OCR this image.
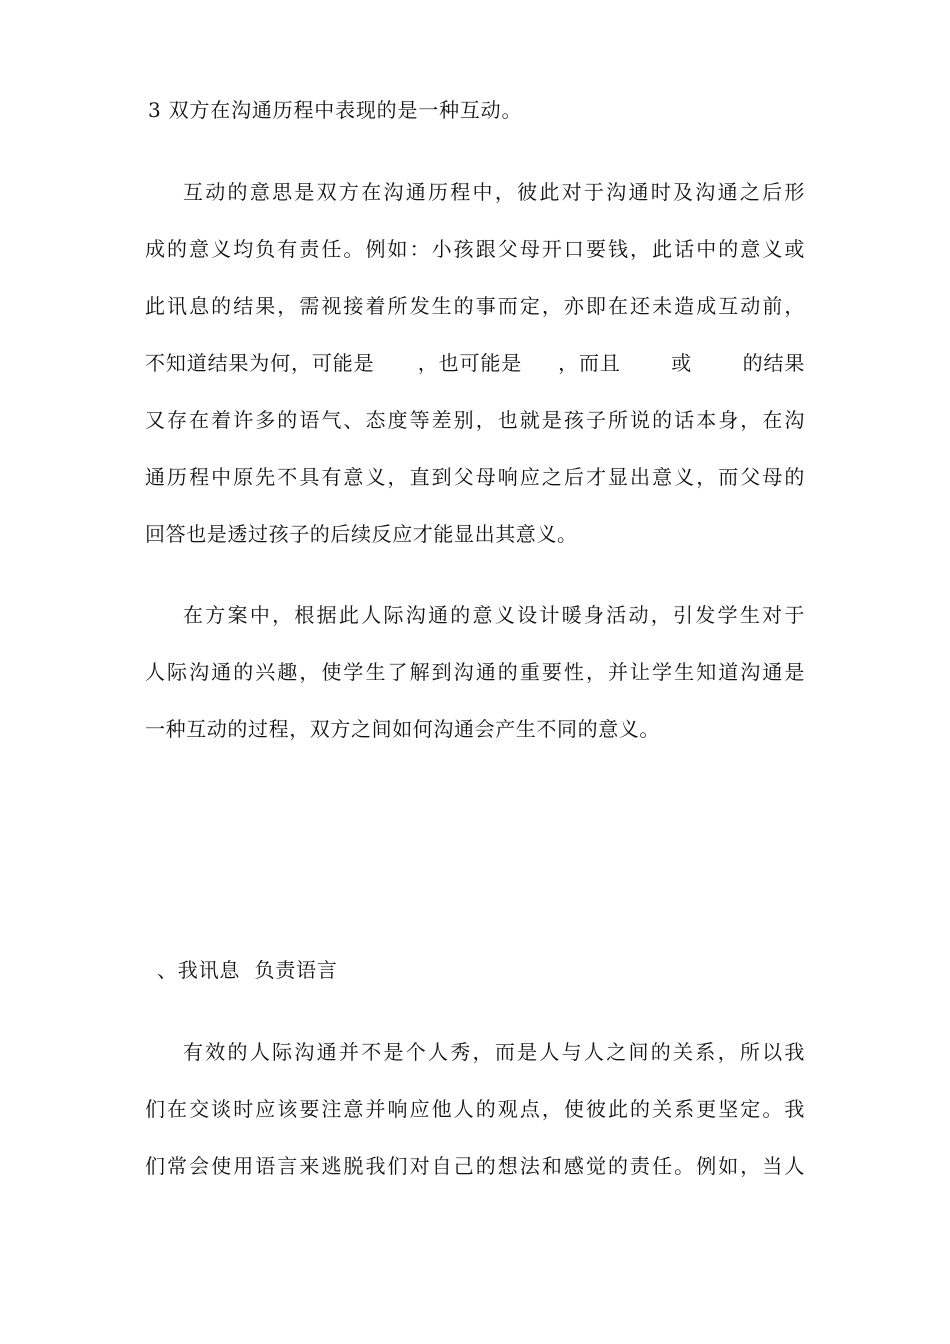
3 双方在沟通历程中表现的是一种互动。
互动的意思是双方在沟通历程中，彼此对于沟通时及沟通之后形
成的意义均负有责任。例如：小孩跟父母开口要钱，此话中的意义或
此讯息的结果，需视接着所发生的事而定，亦即在还未造成互动前，
不知道结果为何，可能是      ，也可能是     ，而且       或       的结果
又存在着许多的语气、态度等差别，也就是孩子所说的话本身，在沟
通历程中原先不具有意义，直到父母响应之后才显出意义，而父母的
回答也是透过孩子的后续反应才能显出其意义。
在方案中，根据此人际沟通的意义设计暖身活动，引发学生对于
人际沟通的兴趣，使学生了解到沟通的重要性，并让学生知道沟通是
一种互动的过程，双方之间如何沟通会产生不同的意义。
、我讯息  负责语言
有效的人际沟通并不是个人秀，而是人与人之间的关系，所以我
们在交谈时应该要注意并响应他人的观点，使彼此的关系更坚定。我
们常会使用语言来逃脱我们对自己的想法和感觉的责任。例如，当人
